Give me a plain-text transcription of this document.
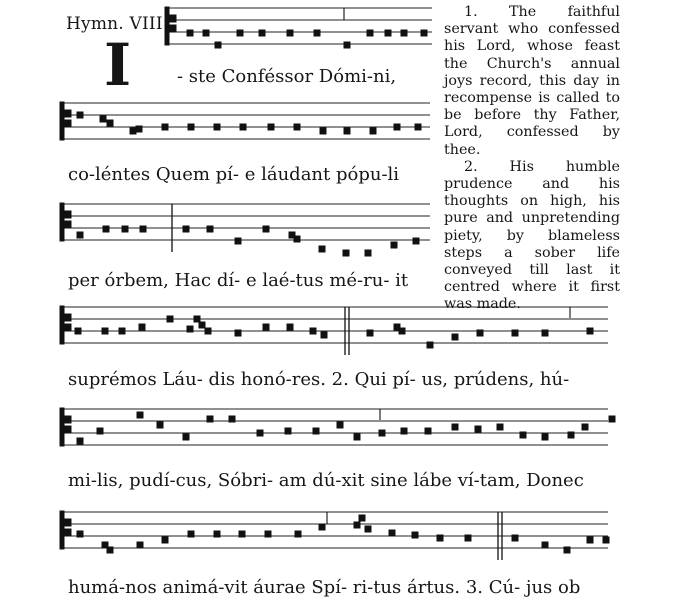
Hymn. VIII
I	- ste Conféssor Dómi-ni,
co-léntes Quem pí- e láudant pópu-li
per órbem, Hac dí- e laé-tus mé-ru- it
suprémos Láu- dis honó-res. 2. Qui pí- us, prúdens, hú-
mi-lis, pudí-cus, Sóbri- am dú-xit sine lábe ví-tam, Donec
humá-nos animá-vit áurae Spí- ri-tus ártus. 3. Cú- jus ob

1. The faithful servant who confessed his Lord, whose feast the Church's annual joys record, this day in recompense is called to be before thy Father, Lord, confessed by thee.

2. His humble prudence and his thoughts on high, his pure and unpretending piety, by blameless steps a sober life conveyed till last it centred where it first was made.
